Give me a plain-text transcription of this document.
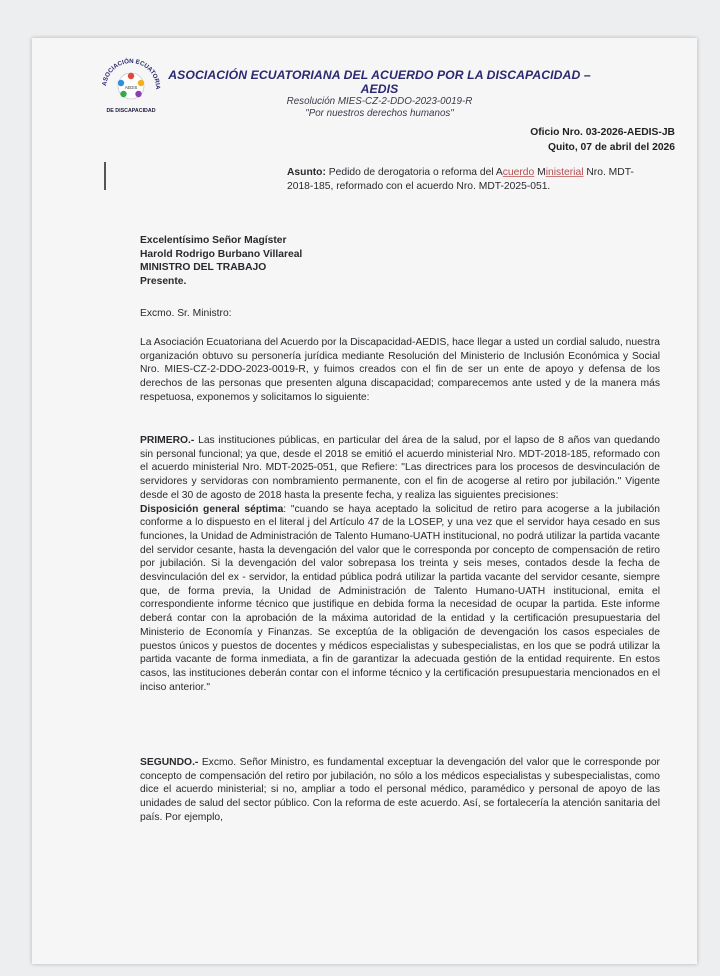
ASOCIACIÓN ECUATORIA
AEDIS
DE DISCAPACIDAD
ASOCIACIÓN ECUATORIANA DEL ACUERDO POR LA DISCAPACIDAD –AEDIS
Resolución MIES-CZ-2-DDO-2023-0019-R
"Por nuestros derechos humanos"
Oficio Nro. 03-2026-AEDIS-JB
Quito, 07 de abril del 2026
Asunto: Pedido de derogatoria o reforma del Acuerdo Ministerial Nro. MDT-2018-185, reformado con el acuerdo Nro. MDT-2025-051.
Excelentísimo Señor Magíster
Harold Rodrigo Burbano Villareal
MINISTRO DEL TRABAJO
Presente.
Excmo. Sr. Ministro:
La Asociación Ecuatoriana del Acuerdo por la Discapacidad-AEDIS, hace llegar a usted un cordial saludo, nuestra organización obtuvo su personería jurídica mediante Resolución del Ministerio de Inclusión Económica y Social Nro. MIES-CZ-2-DDO-2023-0019-R, y fuimos creados con el fin de ser un ente de apoyo y defensa de los derechos de las personas que presenten alguna discapacidad; comparecemos ante usted y de la manera más respetuosa, exponemos y solicitamos lo siguiente:
PRIMERO.- Las instituciones públicas, en particular del área de la salud, por el lapso de 8 años van quedando sin personal funcional; ya que, desde el 2018 se emitió el acuerdo ministerial Nro. MDT-2018-185, reformado con el acuerdo ministerial Nro. MDT-2025-051, que Refiere: "Las directrices para los procesos de desvinculación de servidores y servidoras con nombramiento permanente, con el fin de acogerse al retiro por jubilación." Vigente desde el 30 de agosto de 2018 hasta la presente fecha, y realiza las siguientes precisiones:
Disposición general séptima: "cuando se haya aceptado la solicitud de retiro para acogerse a la jubilación conforme a lo dispuesto en el literal j del Artículo 47 de la LOSEP, y una vez que el servidor haya cesado en sus funciones, la Unidad de Administración de Talento Humano-UATH institucional, no podrá utilizar la partida vacante del servidor cesante, hasta la devengación del valor que le corresponda por concepto de compensación de retiro por jubilación. Si la devengación del valor sobrepasa los treinta y seis meses, contados desde la fecha de desvinculación del ex - servidor, la entidad pública podrá utilizar la partida vacante del servidor cesante, siempre que, de forma previa, la Unidad de Administración de Talento Humano-UATH institucional, emita el correspondiente informe técnico que justifique en debida forma la necesidad de ocupar la partida. Este informe deberá contar con la aprobación de la máxima autoridad de la entidad y la certificación presupuestaria del Ministerio de Economía y Finanzas. Se exceptúa de la obligación de devengación los casos especiales de puestos únicos y puestos de docentes y médicos especialistas y subespecialistas, en los que se podrá utilizar la partida vacante de forma inmediata, a fin de garantizar la adecuada gestión de la entidad requirente. En estos casos, las instituciones deberán contar con el informe técnico y la certificación presupuestaria mencionados en el inciso anterior."
SEGUNDO.- Excmo. Señor Ministro, es fundamental exceptuar la devengación del valor que le corresponde por concepto de compensación del retiro por jubilación, no sólo a los médicos especialistas y subespecialistas, como dice el acuerdo ministerial; si no, ampliar a todo el personal médico, paramédico y personal de apoyo de las unidades de salud del sector público. Con la reforma de este acuerdo. Así, se fortalecería la atención sanitaria del país. Por ejemplo,
